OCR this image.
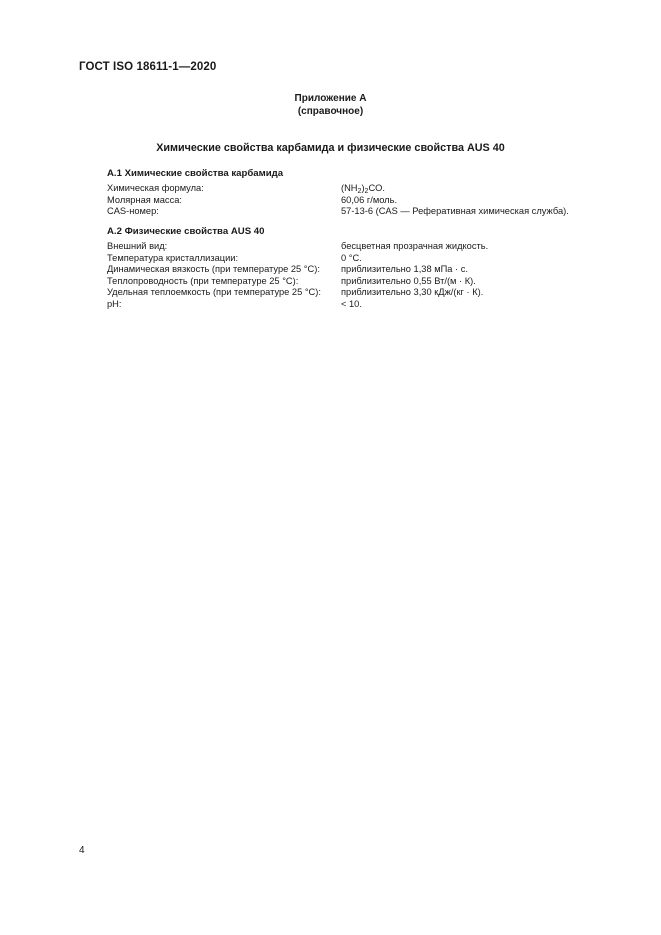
ГОСТ ISO 18611-1—2020
Приложение А
(справочное)
Химические свойства карбамида и физические свойства AUS 40
А.1 Химические свойства карбамида
Химическая формула:	$(NH_2)_2CO$.
Молярная масса:	60,06 г/моль.
CAS-номер:	57-13-6 (CAS — Реферативная химическая служба).
А.2 Физические свойства AUS 40
Внешний вид:	бесцветная прозрачная жидкость.
Температура кристаллизации:	0 °С.
Динамическая вязкость (при температуре 25 °С): приблизительно 1,38 мПа · с.
Теплопроводность (при температуре 25 °С):	приблизительно 0,55 Вт/(м · К).
Удельная теплоемкость (при температуре 25 °С): приблизительно 3,30 кДж/(кг · К).
рН:	< 10.
4
